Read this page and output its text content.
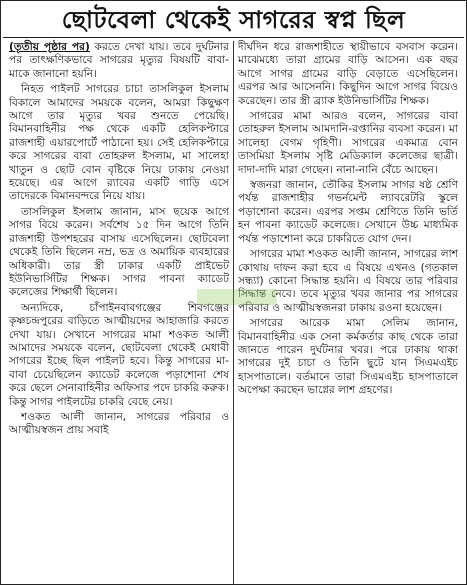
ছোটবেলা থেকেই সাগরের স্বপ্ন ছিল

(তৃতীয় পৃষ্ঠার পর) করতে দেখা যায়। তবে দুর্ঘটনার পর তাৎক্ষণিকভাবে সাগরের মৃত্যুর বিষয়টি বাবা-মাকে জানানো হয়নি।

নিহত পাইলট সাগরের চাচা তাসলিকুল ইসলাম বিকালে আমাদের সময়কে বলেন, আমরা কিছুক্ষণ আগে তার মৃত্যুর খবর শুনতে পেয়েছি। বিমানবাহিনীর পক্ষ থেকে একটি হেলিকপ্টারে রাজশাহী এয়ারপোর্টে পাঠানো হয়। সেই হেলিকপ্টারে করে সাগরের বাবা তোহরুল ইসলাম, মা সালেহা খাতুন ও ছোট বোন বৃষ্টিকে নিয়ে ঢাকায় নেওয়া হয়েছে। এর আগে র‍্যাবের একটি গাড়ি এসে তাদেরকে বিমানবন্দরে নিয়ে যায়।

তাসলিকুল ইসলাম জানান, মাস ছয়েক আগে সাগর বিয়ে করেন। সর্বশেষ ১৫ দিন আগে তিনি রাজশাহী উপশহরের বাসায় এসেছিলেন। ছোটবেলা থেকেই তিনি ছিলেন নম্র, ভদ্র ও অমায়িক ব্যবহারের অধিকারী। তার স্ত্রী ঢাকার একটি প্রাইভেট ইউনিভার্সিটির শিক্ষক। সাগর পাবনা ক্যাডেট কলেজের শিক্ষার্থী ছিলেন।

অন্যদিকে, চাঁপাইনবাবগঞ্জের শিবগঞ্জের কৃষ্ণচন্দ্রপুরের বাড়িতে আত্মীয়দের আহাজারি করতে দেখা যায়। সেখানে সাগরের মামা শওকত আলী আমাদের সময়কে বলেন, ছোটবেলা থেকেই মেধাবী সাগরের ইচ্ছে ছিল পাইলট হবে। কিন্তু সাগরের মা-বাবা চেয়েছিলেন ক্যাডেট কলেজে পড়াশোনা শেষ করে ছেলে সেনাবাহিনীর অফিসার পদে চাকরি করুক। কিন্তু সাগর পাইলটের চাকরি বেছে নেয়।

শওকত আলী জানান, সাগরের পরিবার ও আত্মীয়স্বজন প্রায় সবাই

দীর্ঘদিন ধরে রাজশাহীতে স্থায়ীভাবে বসবাস করেন। মাঝেমধ্যে তারা গ্রামের বাড়ি আসেন। এক বছর আগে সাগর গ্রামের বাড়ি বেড়াতে এসেছিলেন। এরপর আর আসেননি। কিছুদিন আগে সাগর বিয়েও করেছেন। তার স্ত্রী ব্র্যাক ইউনিভার্সিটির শিক্ষক।

সাগরের মামা আরও বলেন, সাগরের বাবা তোহরুল ইসলাম আমদানি-রপ্তানির ব্যবসা করেন। মা সালেহা বেগম গৃহিণী। সাগরের একমাত্র বোন তাসমিয়া ইসলাম সৃষ্টি মেডিক্যাল কলেজের ছাত্রী। দাদা-দাদি মারা গেছেন। নানা-নানি বেঁচে আছেন।

স্বজনরা জানান, তৌকির ইসলাম সাগর ষষ্ঠ শ্রেণি পর্যন্ত রাজশাহীর গভর্নমেন্ট ল্যাবরেটরি স্কুলে পড়াশোনা করেন। এরপর সপ্তম শ্রেণিতে তিনি ভর্তি হন পাবনা ক্যাডেট কলেজে। সেখানে উচ্চ মাধ্যমিক পর্যন্ত পড়াশোনা করে চাকরিতে যোগ দেন।

সাগরের মামা শওকত আলী জানান, সাগরের লাশ কোথায় দাফন করা হবে এ বিষয়ে এখনও (গতকাল সন্ধ্যা) কোনো সিদ্ধান্ত হয়নি। এ বিষয়ে তার পরিবার সিদ্ধান্ত নেবে। তবে মৃত্যুর খবর জানার পর সাগরের পরিবার ও আত্মীয়স্বজনরা ঢাকায় রওনা হয়েছেন।

সাগরের আরেক মামা সেলিম জানান, বিমানবাহিনীর এক সেনা কর্মকর্তার কাছ থেকে তারা জানতে পারেন দুর্ঘটনার খবর। পরে ঢাকায় থাকা সাগরের দুই চাচা ও তিনি ছুটে যান সিএমএইচ হাসপাতালে। বর্তমানে তারা সিএমএইচ হাসপাতালে অপেক্ষা করছেন ভাগ্নের লাশ গ্রহণের।
